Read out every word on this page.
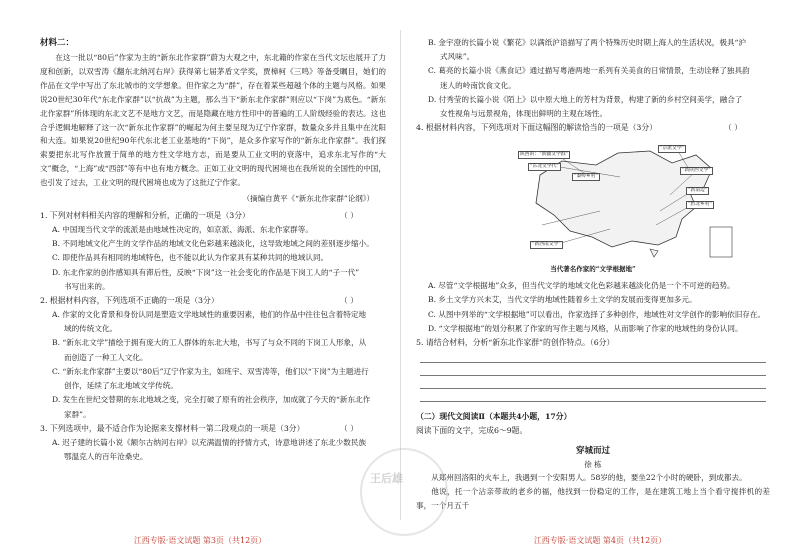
材料二：

在这一批以“80后”作家为主的“新东北作家群”蔚为大观之中，东北籍的作家在当代文坛也展开了力度和创新，以双雪涛《翻东北纳河右岸》获得第七届茅盾文学奖，贾樟柯《三鸣》等备受瞩目，她们的作品在文学中写出了东北城市的文学想象。但作家之为“群”，存在着某些超越个体的主题与风格。如果说20世纪30年代“东北作家群”以“抗战”为主题，那么当下“新东北作家群”则应以“下岗”为底色。“新东北作家群”所体现的东北文艺不是地方文艺，而是隐藏在地方性印中的普遍的工人阶级经验的表达。这也合乎逻辑地解释了这一次“新东北作家群”的崛起为何主要呈现为辽宁作家群，数量众多并且集中在沈阳和大连。如果说20世纪90年代东北老工业基地的“下岗”，是众多作家写作的“新东北作家群”。我们探索要把东北写作放置于简单的地方性文学地方志，而是要从工业文明的衰落中，追求东北写作的“大文”概念，“上海”或“西部”等有中也有地方概念。正如工业文明的现代困境也在我所说的全国性的中国，也引发了过去，工业文明的现代困境也成为了这批辽宁作家。

（摘编自黄平《“新东北作家群”论纲》）

1. 下列对材料相关内容的理解和分析，正确的一项是（3分）	（ ）

A. 中国现当代文学的流派是由地域性决定的，如京派、海派、东北作家群等。

B. 不同地域文化产生的文学作品的地域文化色彩越来越淡化，这导致地域之间的差别逐步缩小。

C. 即使作品具有相同的地域特色，也不能以此认为作家具有某种共同的地域认同。

D. 东北作家的创作感知具有滞后性，反映“下岗”这一社会变化的作品是下岗工人的“子一代”

书写出来的。

2. 根据材料内容，下列选项不正确的一项是（3分）	（ ）

A. 作家的文化背景和身份认同是塑造文学地域性的重要因素，他们的作品中往往包含着特定地

域的传统文化。

B. “新东北文学”描绘于拥有庞大的工人群体的东北大地，书写了与众不同的下岗工人形象，从

而创造了一种工人文化。

C. “新东北作家群”主要以“80后”辽宁作家为主，如班宇、双雪涛等，他们以“下岗”为主题进行

创作，延续了东北地域文学传统。

D. 发生在世纪交替期的东北地域之变，完全打破了原有的社会秩序，加成就了今天的“新东北作

家群”。

3. 下列选项中，最不适合作为论据来支撑材料一第二段观点的一项是（3分）	（ ）

A. 迟子建的长篇小说《额尔古纳河右岸》以充满温情的抒情方式，诗意地讲述了东北少数民族

鄂温克人的百年沧桑史。

江西专版·语文试题 第3页（共12页）

B. 金宇澄的长篇小说《繁花》以满纸沪语描写了两个特殊历史时期上海人的生活状况，极具“沪

式风味”。

C. 葛亮的长篇小说《燕食记》通过描写粤港两地一系列有关美食的日常情景，生动诠释了独具韵

迷人的岭南饮食文化。

D. 付秀莹的长篇小说《陌上》以中原大地上的芳村为背景，构建了新的乡村空间美学，融合了

女性视角与远景视角，体现出鲜明的主观在场性。

4. 根据材料内容，下列选项对下面这幅图的解读恰当的一项是（3分）	（ ）

陕西的：“新疆文学群”
“东北文学代”
“秦岭乡村”
“京派文学”
“新陕西文学”
“新南边”
“黔北乡村”
“新西南文学”

当代著名作家的“文学根据地”

A. 尽管“文学根据地”众多，但当代文学的地域文化色彩越来越淡化仍是一个不可逆的趋势。

B. 乡土文学方兴未艾，当代文学的地域性随着乡土文学的发展而变得更加多元。

C. 从图中列举的“文学根据地”可以看出，作家选择了多种创作，地域性对文学创作的影响依旧存在。

D. “文学根据地”的划分积累了作家的写作主题与风格，从而影响了作家的地域性的身份认同。

5. 请结合材料，分析“新东北作家群”的创作特点。（6分）

（二）现代文阅读Ⅱ（本题共4小题，17分）

阅读下面的文字，完成6～9题。

穿城而过

徐 栋

从郑州回洛阳的火车上，我遇到一个安阳男人。58岁的他，要坐22个小时的硬卧，到成都去。

他说，托一个沾亲带故的老乡的福，他找到一份稳定的工作，是在建筑工地上当个看守搅拌机的差事，一个月五千

江西专版·语文试题 第4页（共12页）
王后雄
